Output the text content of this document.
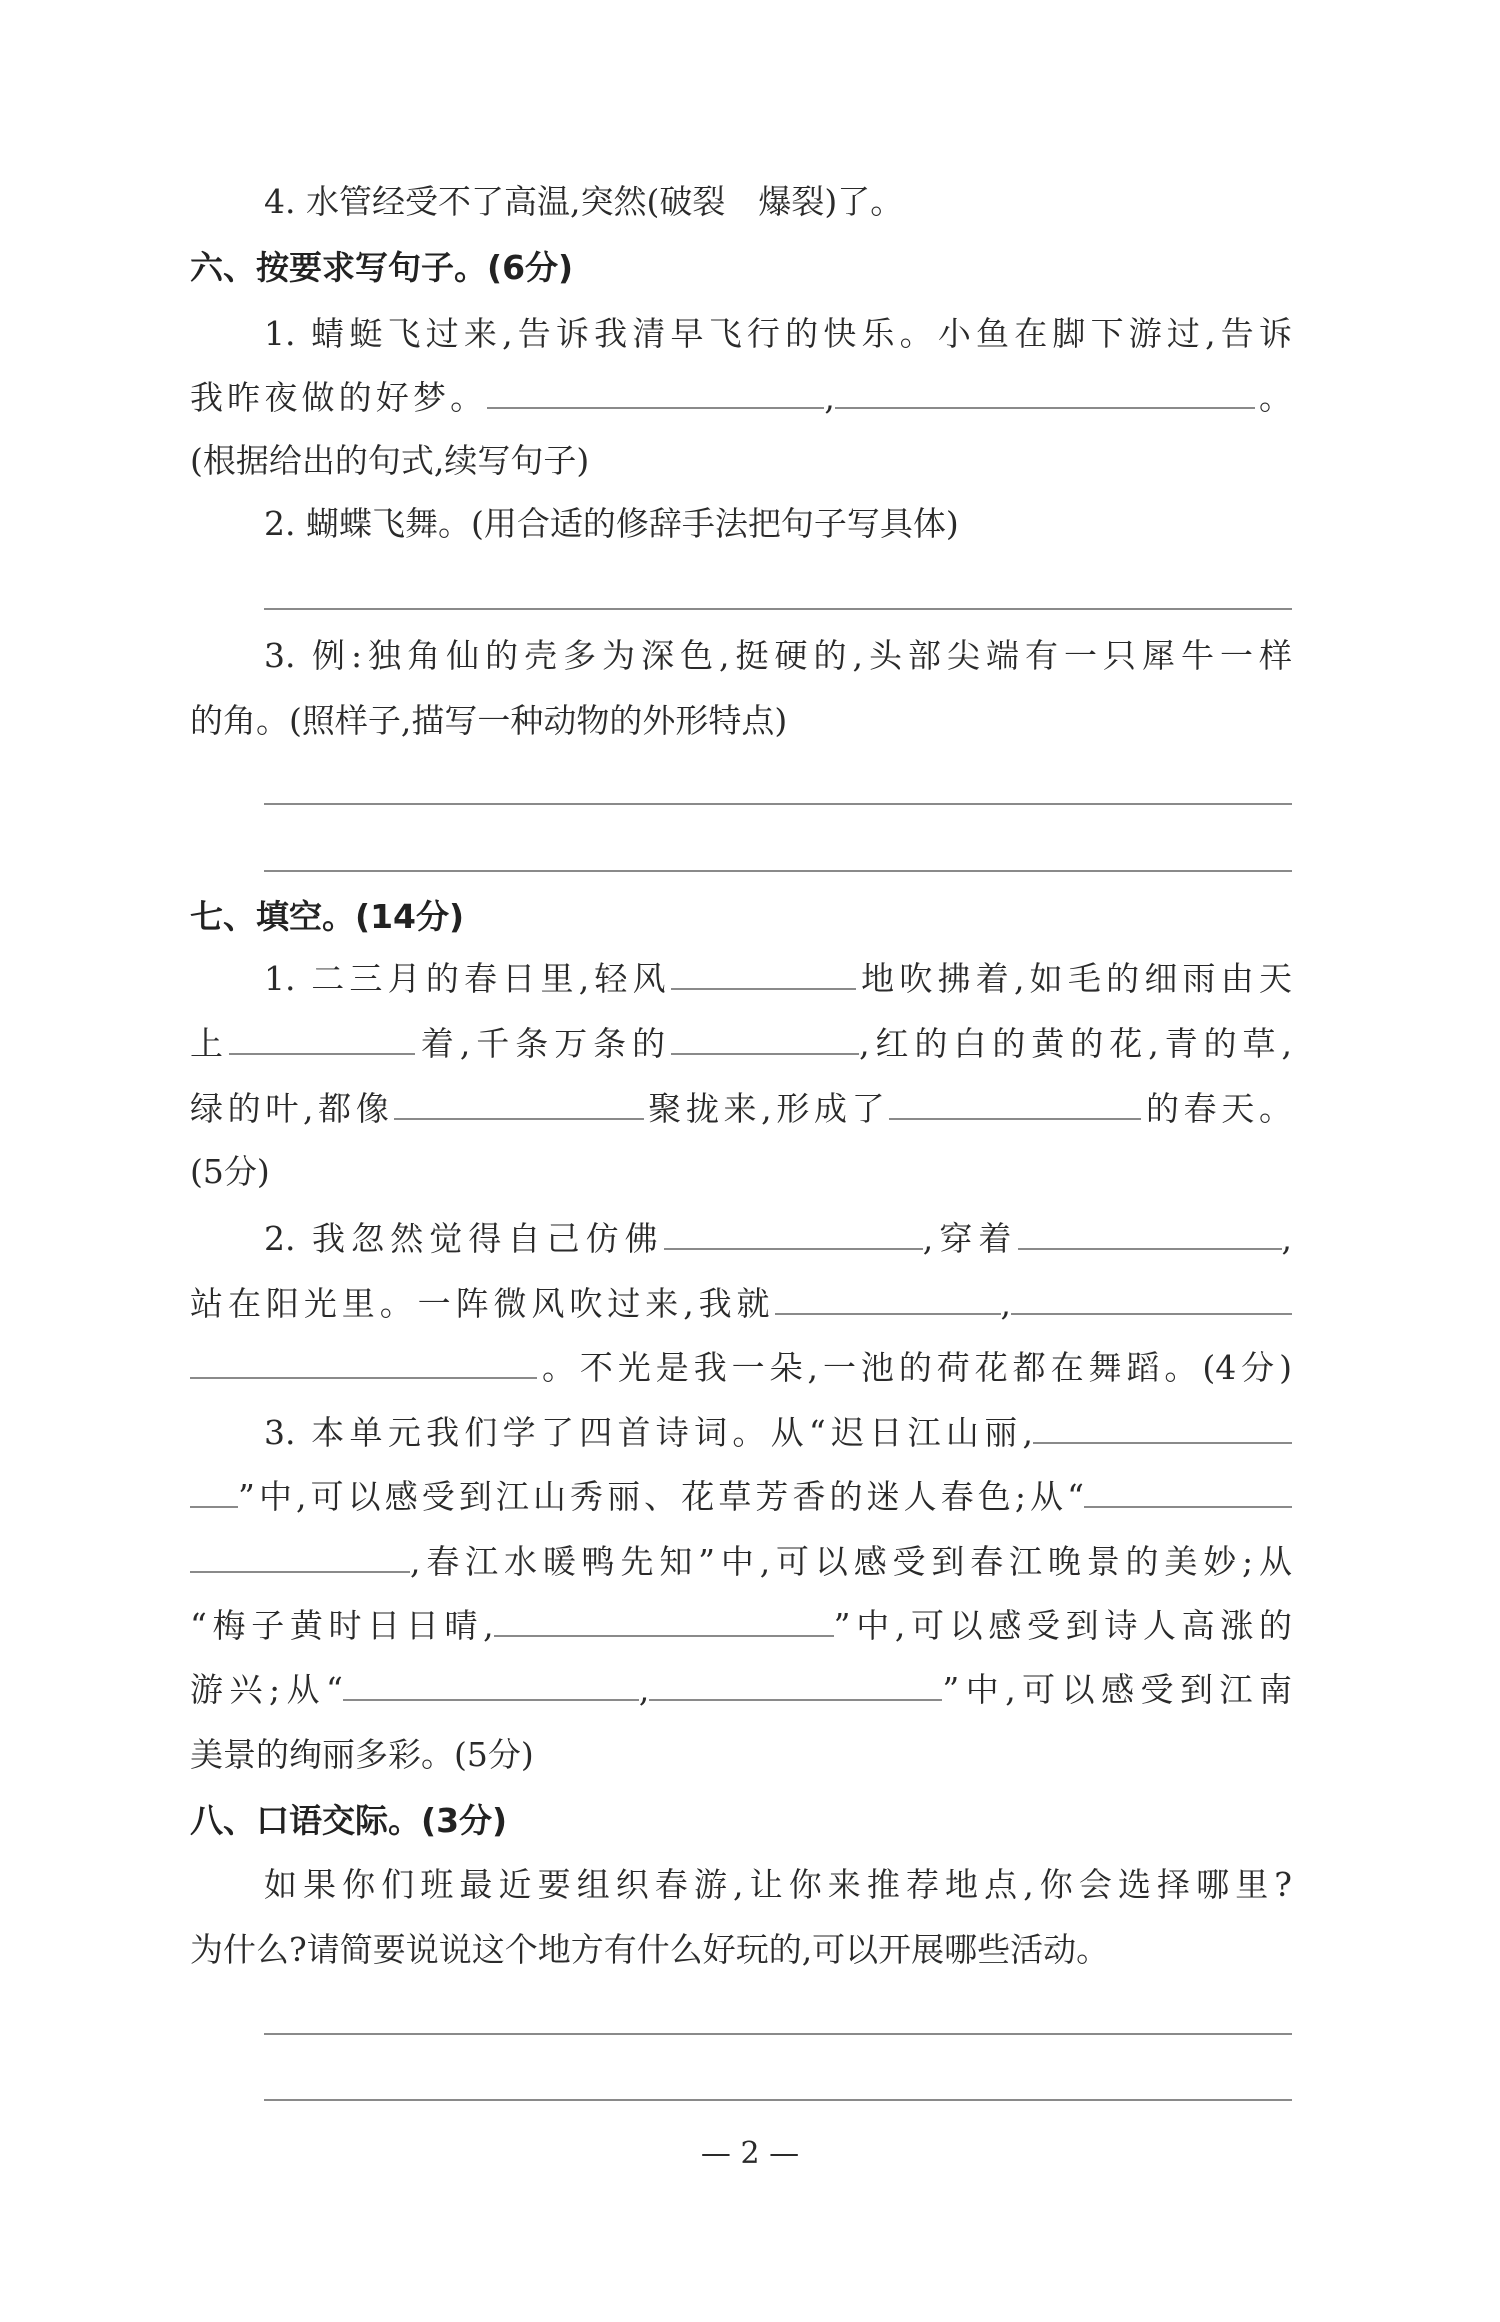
4. 水管经受不了高温,突然(破裂　爆裂)了。
六、按要求写句子。(6分)
1. 蜻蜓飞过来,告诉我清早飞行的快乐。小鱼在脚下游过,告诉
我昨夜做的好梦。	,	。
(根据给出的句式,续写句子)
2. 蝴蝶飞舞。(用合适的修辞手法把句子写具体)
3. 例:独角仙的壳多为深色,挺硬的,头部尖端有一只犀牛一样
的角。(照样子,描写一种动物的外形特点)
七、填空。(14分)
1. 二三月的春日里,轻风	地吹拂着,如毛的细雨由天
上	着,千条万条的	,红的白的黄的花,青的草,
绿的叶,都像	聚拢来,形成了	的春天。
(5分)
2. 我忽然觉得自己仿佛	,穿着	,
站在阳光里。一阵微风吹过来,我就	,
。不光是我一朵,一池的荷花都在舞蹈。(4分)
3. 本单元我们学了四首诗词。从“迟日江山丽,
”中,可以感受到江山秀丽、花草芳香的迷人春色;从“
,春江水暖鸭先知”中,可以感受到春江晚景的美妙;从
“梅子黄时日日晴,	”中,可以感受到诗人高涨的
游兴;从“	,	”中,可以感受到江南
美景的绚丽多彩。(5分)
八、口语交际。(3分)
如果你们班最近要组织春游,让你来推荐地点,你会选择哪里?
为什么?请简要说说这个地方有什么好玩的,可以开展哪些活动。
— 2 —
